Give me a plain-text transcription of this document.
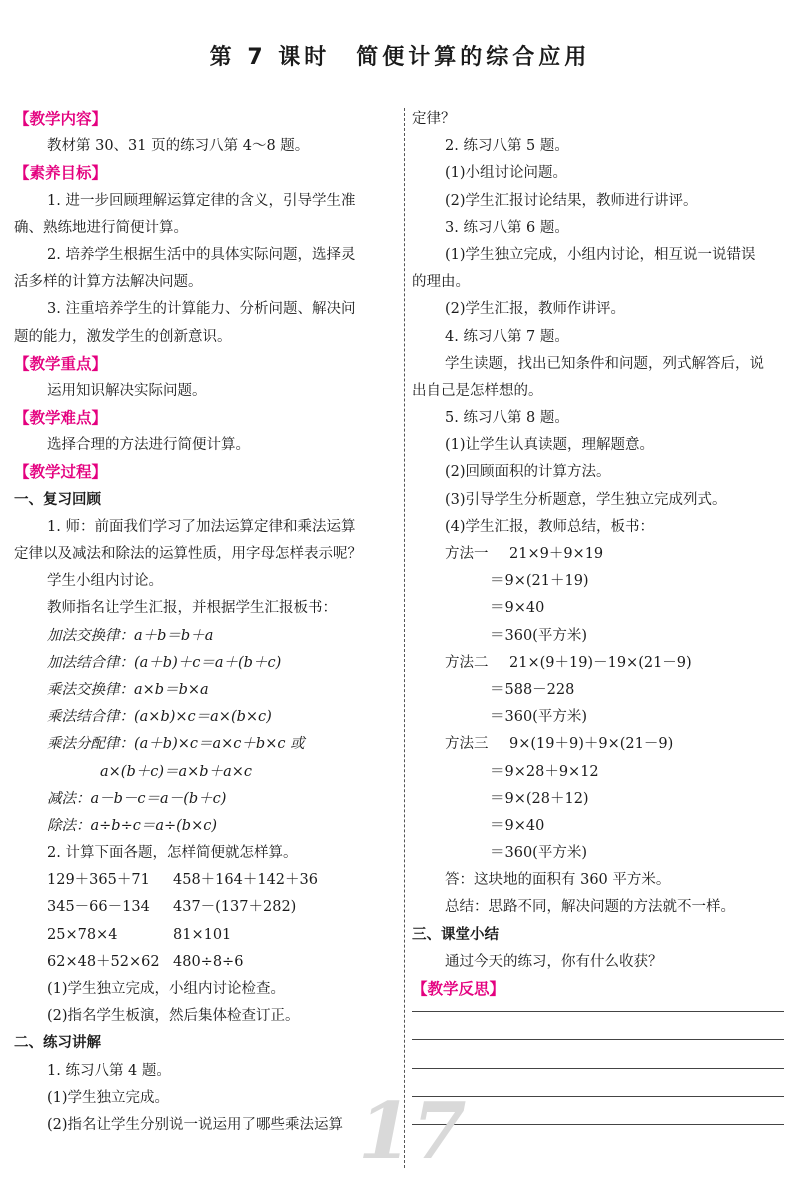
第 7 课时　简便计算的综合应用
【教学内容】
教材第 30、31 页的练习八第 4～8 题。
【素养目标】
1. 进一步回顾理解运算定律的含义，引导学生准
确、熟练地进行简便计算。
2. 培养学生根据生活中的具体实际问题，选择灵
活多样的计算方法解决问题。
3. 注重培养学生的计算能力、分析问题、解决问
题的能力，激发学生的创新意识。
【教学重点】
运用知识解决实际问题。
【教学难点】
选择合理的方法进行简便计算。
【教学过程】
一、复习回顾
1. 师：前面我们学习了加法运算定律和乘法运算
定律以及减法和除法的运算性质，用字母怎样表示呢？
学生小组内讨论。
教师指名让学生汇报，并根据学生汇报板书：
加法交换律：a＋b＝b＋a
加法结合律：(a＋b)＋c＝a＋(b＋c)
乘法交换律：a×b＝b×a
乘法结合律：(a×b)×c＝a×(b×c)
乘法分配律：(a＋b)×c＝a×c＋b×c 或
a×(b＋c)＝a×b＋a×c
减法：a－b－c＝a－(b＋c)
除法：a÷b÷c＝a÷(b×c)
2. 计算下面各题，怎样简便就怎样算。
129＋365＋71 458＋164＋142＋36
345－66－134 437－(137＋282)
25×78×4	81×101
62×48＋52×62 480÷8÷6
(1)学生独立完成，小组内讨论检查。
(2)指名学生板演，然后集体检查订正。
二、练习讲解
1. 练习八第 4 题。
(1)学生独立完成。
(2)指名让学生分别说一说运用了哪些乘法运算
定律？
2. 练习八第 5 题。
(1)小组讨论问题。
(2)学生汇报讨论结果，教师进行讲评。
3. 练习八第 6 题。
(1)学生独立完成，小组内讨论，相互说一说错误
的理由。
(2)学生汇报，教师作讲评。
4. 练习八第 7 题。
学生读题，找出已知条件和问题，列式解答后，说
出自己是怎样想的。
5. 练习八第 8 题。
(1)让学生认真读题，理解题意。
(2)回顾面积的计算方法。
(3)引导学生分析题意，学生独立完成列式。
(4)学生汇报，教师总结，板书：
方法一 21×9＋9×19
＝9×(21＋19)
＝9×40
＝360(平方米)
方法二 21×(9＋19)－19×(21－9)
＝588－228
＝360(平方米)
方法三 9×(19＋9)＋9×(21－9)
＝9×28＋9×12
＝9×(28＋12)
＝9×40
＝360(平方米)
答：这块地的面积有 360 平方米。
总结：思路不同，解决问题的方法就不一样。
三、课堂小结
通过今天的练习，你有什么收获？
【教学反思】
17
